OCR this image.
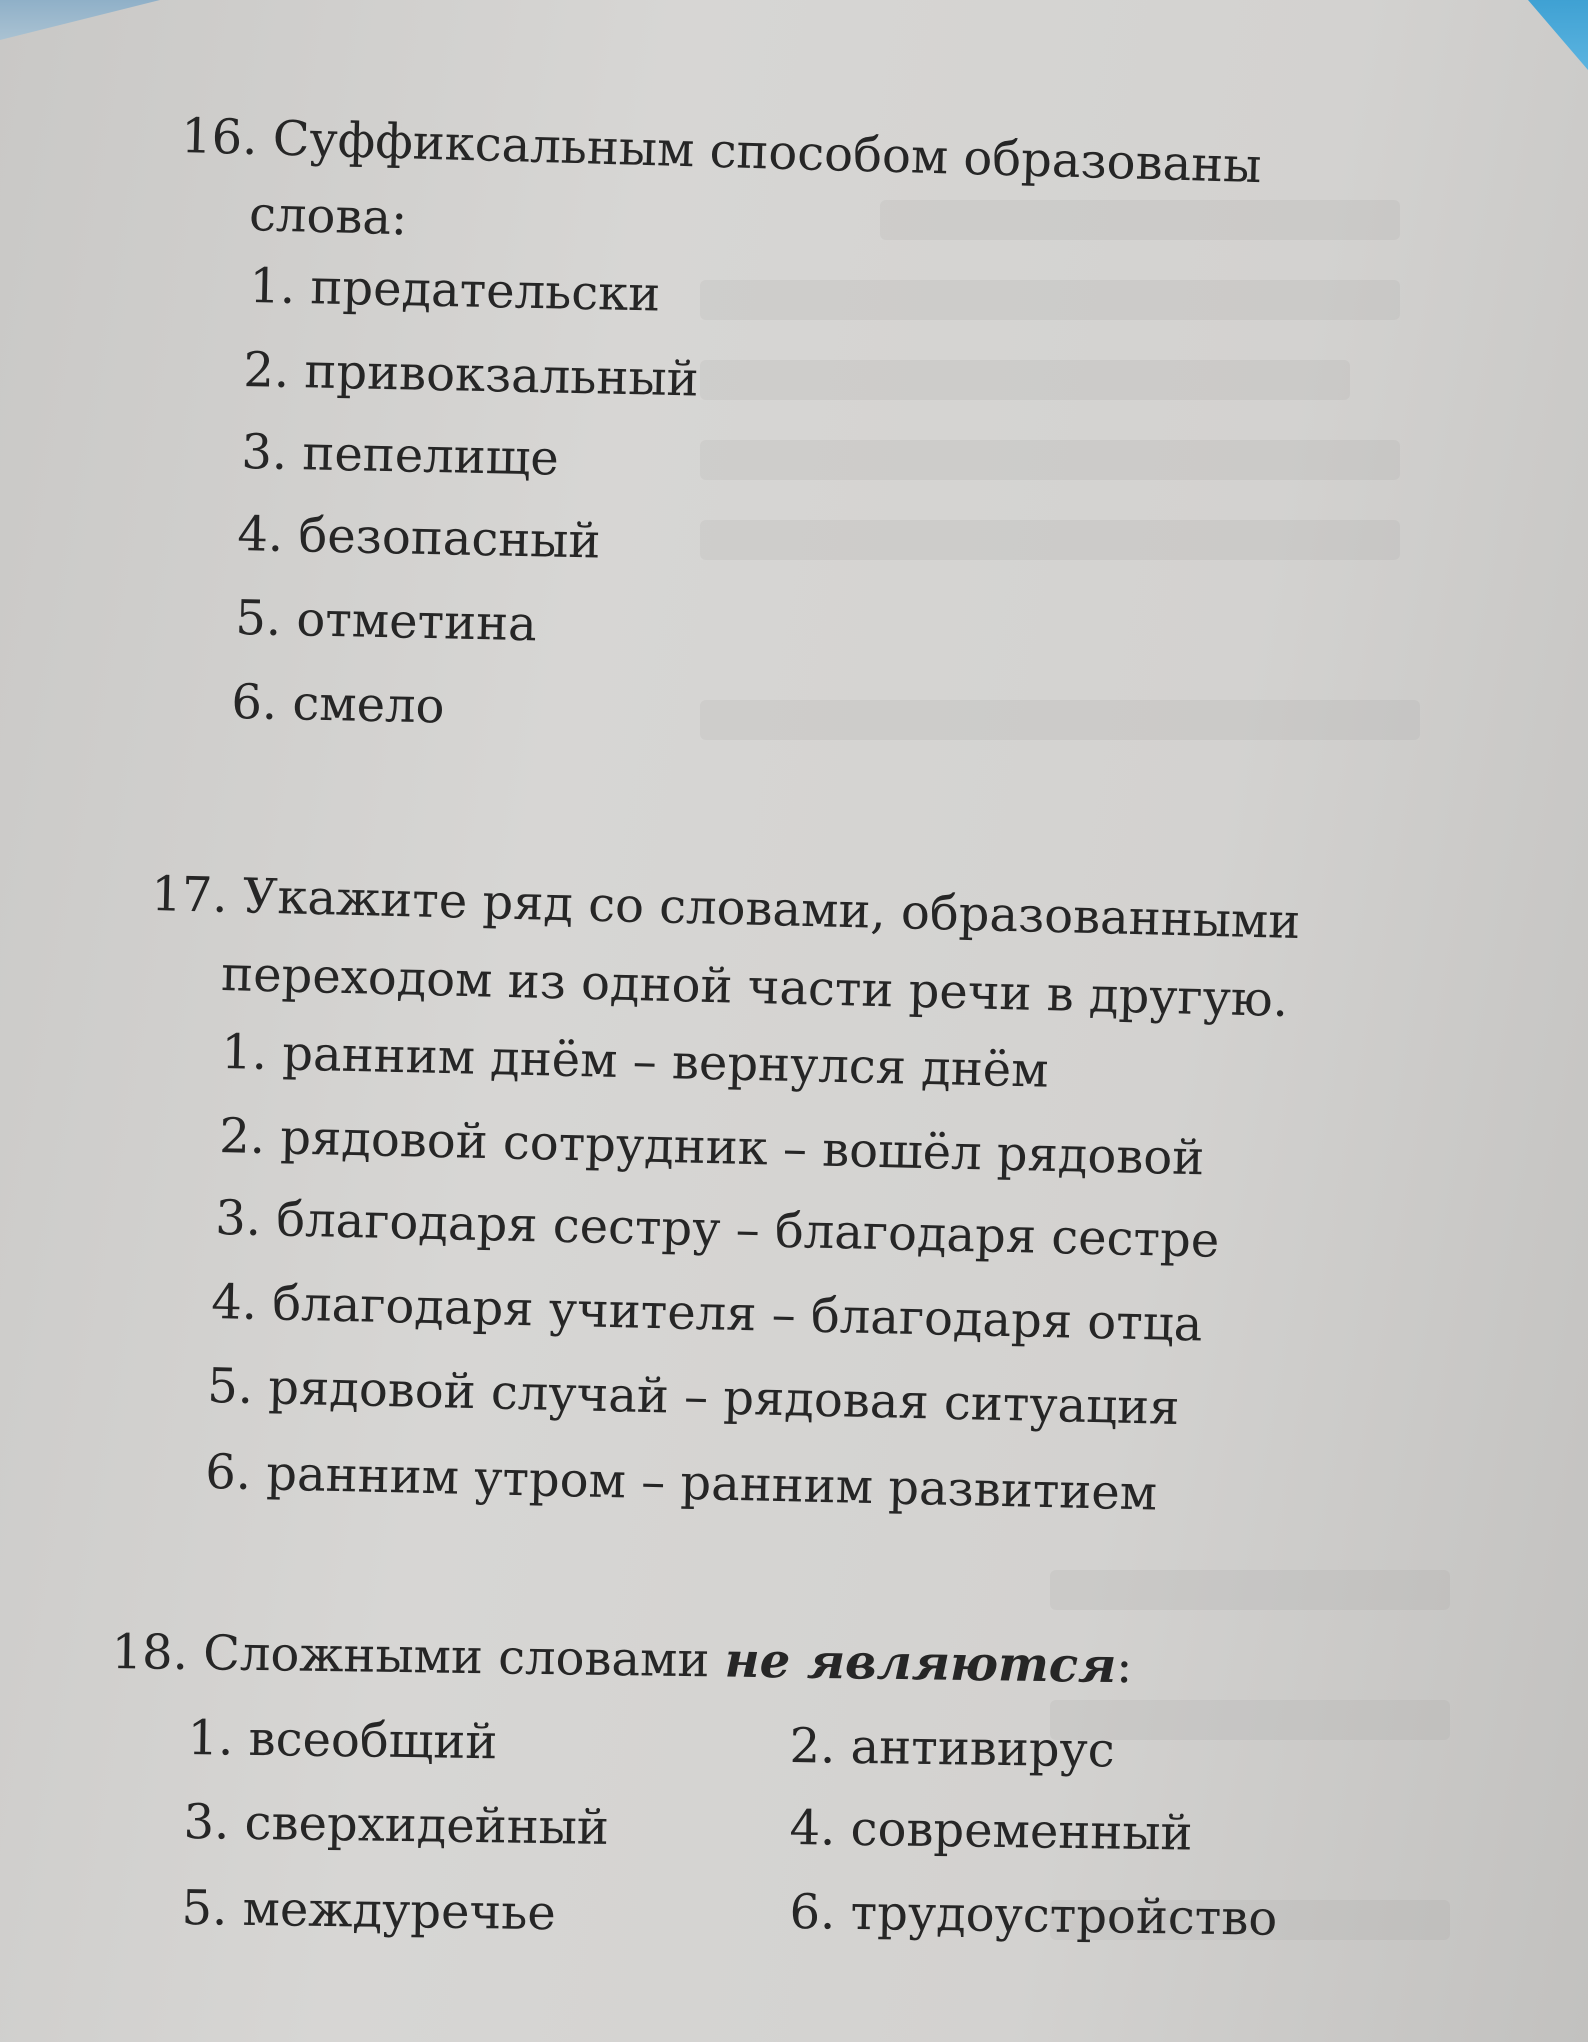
16. Суффиксальным способом образованы
слова:
1. предательски
2. привокзальный
3. пепелище
4. безопасный
5. отметина
6. смело
17. Укажите ряд со словами, образованными
переходом из одной части речи в другую.
1. ранним днём – вернулся днём
2. рядовой сотрудник – вошёл рядовой
3. благодаря сестру – благодаря сестре
4. благодаря учителя – благодаря отца
5. рядовой случай – рядовая ситуация
6. ранним утром – ранним развитием
18. Сложными словами не являются:
1. всеобщий	2. антивирус
3. сверхидейный	4. современный
5. междуречье	6. трудоустройство
